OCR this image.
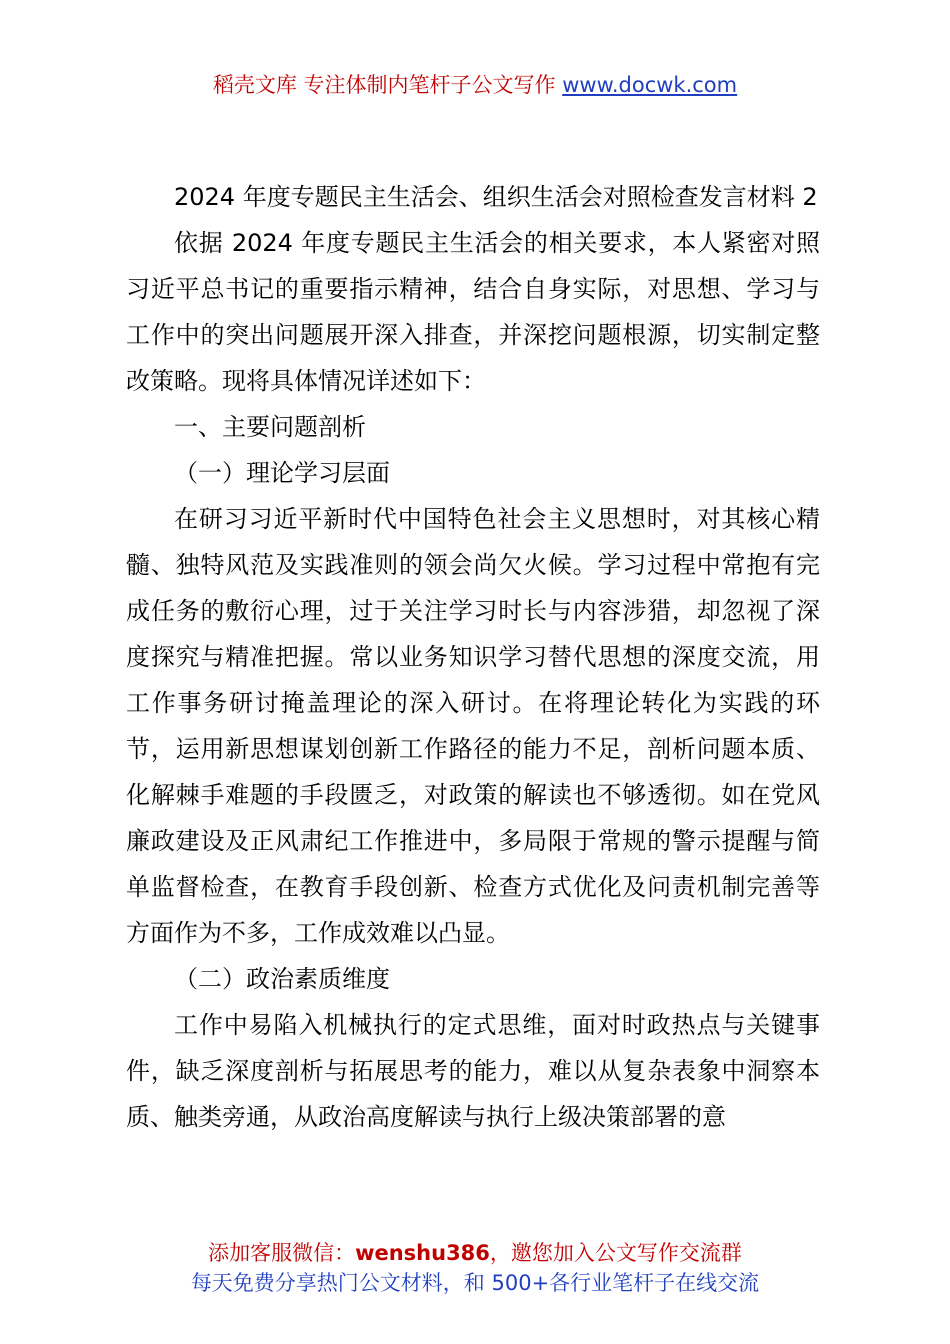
稻壳文库 专注体制内笔杆子公文写作 www.docwk.com

2024 年度专题民主生活会、组织生活会对照检查发言材料 2

依据 2024 年度专题民主生活会的相关要求，本人紧密对照习近平总书记的重要指示精神，结合自身实际，对思想、学习与工作中的突出问题展开深入排查，并深挖问题根源，切实制定整改策略。现将具体情况详述如下：

一、主要问题剖析

（一）理论学习层面

在研习习近平新时代中国特色社会主义思想时，对其核心精髓、独特风范及实践准则的领会尚欠火候。学习过程中常抱有完成任务的敷衍心理，过于关注学习时长与内容涉猎，却忽视了深度探究与精准把握。常以业务知识学习替代思想的深度交流，用工作事务研讨掩盖理论的深入研讨。在将理论转化为实践的环节，运用新思想谋划创新工作路径的能力不足，剖析问题本质、化解棘手难题的手段匮乏，对政策的解读也不够透彻。如在党风廉政建设及正风肃纪工作推进中，多局限于常规的警示提醒与简单监督检查，在教育手段创新、检查方式优化及问责机制完善等方面作为不多，工作成效难以凸显。

（二）政治素质维度

工作中易陷入机械执行的定式思维，面对时政热点与关键事件，缺乏深度剖析与拓展思考的能力，难以从复杂表象中洞察本质、触类旁通，从政治高度解读与执行上级决策部署的意

添加客服微信：wenshu386，邀您加入公文写作交流群
每天免费分享热门公文材料，和 500+各行业笔杆子在线交流
